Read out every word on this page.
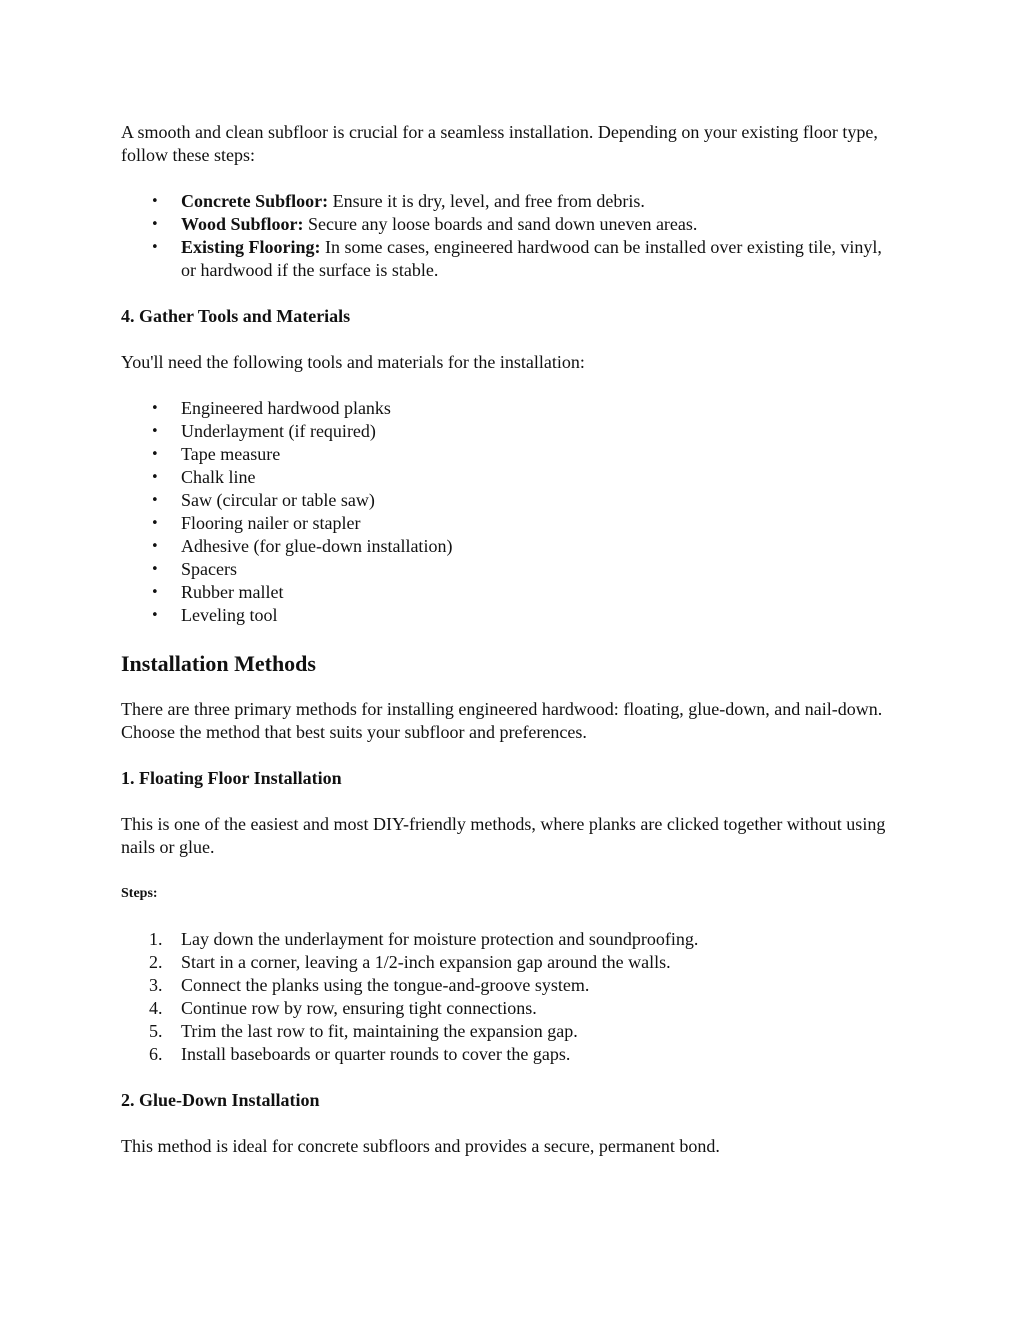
A smooth and clean subfloor is crucial for a seamless installation. Depending on your existing floor type, follow these steps:

• Concrete Subfloor: Ensure it is dry, level, and free from debris.
• Wood Subfloor: Secure any loose boards and sand down uneven areas.
• Existing Flooring: In some cases, engineered hardwood can be installed over existing tile, vinyl, or hardwood if the surface is stable.
4. Gather Tools and Materials

You'll need the following tools and materials for the installation:

• Engineered hardwood planks
• Underlayment (if required)
• Tape measure
• Chalk line
• Saw (circular or table saw)
• Flooring nailer or stapler
• Adhesive (for glue-down installation)
• Spacers
• Rubber mallet
• Leveling tool
Installation Methods

There are three primary methods for installing engineered hardwood: floating, glue-down, and nail-down. Choose the method that best suits your subfloor and preferences.

1. Floating Floor Installation

This is one of the easiest and most DIY-friendly methods, where planks are clicked together without using nails or glue.

Steps:
1. Lay down the underlayment for moisture protection and soundproofing.
2. Start in a corner, leaving a 1/2-inch expansion gap around the walls.
3. Connect the planks using the tongue-and-groove system.
4. Continue row by row, ensuring tight connections.
5. Trim the last row to fit, maintaining the expansion gap.
6. Install baseboards or quarter rounds to cover the gaps.
2. Glue-Down Installation

This method is ideal for concrete subfloors and provides a secure, permanent bond.
